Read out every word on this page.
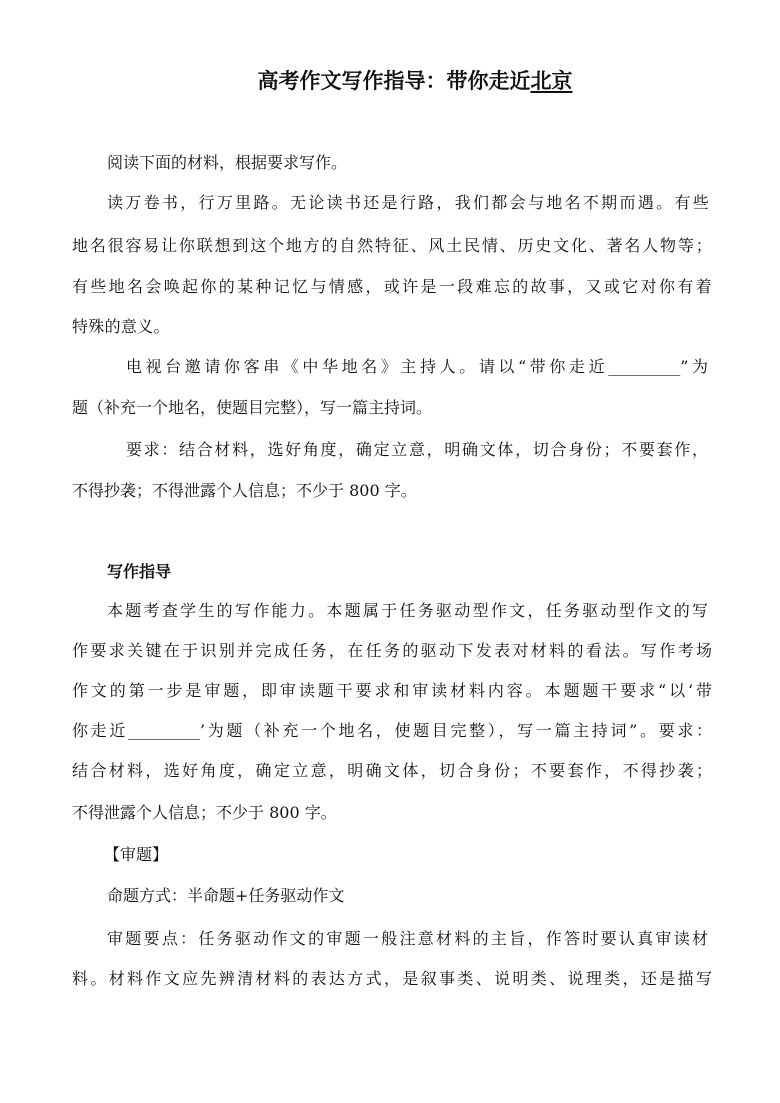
高考作文写作指导：带你走近北京
阅读下面的材料，根据要求写作。
读万卷书，行万里路。无论读书还是行路，我们都会与地名不期而遇。有些
地名很容易让你联想到这个地方的自然特征、风土民情、历史文化、著名人物等；
有些地名会唤起你的某种记忆与情感，或许是一段难忘的故事，又或它对你有着
特殊的意义。
电视台邀请你客串《中华地名》主持人。请以“带你走近_________”为
题（补充一个地名，使题目完整），写一篇主持词。
要求：结合材料，选好角度，确定立意，明确文体，切合身份；不要套作，
不得抄袭；不得泄露个人信息；不少于 800 字。
写作指导
本题考查学生的写作能力。本题属于任务驱动型作文，任务驱动型作文的写
作要求关键在于识别并完成任务，在任务的驱动下发表对材料的看法。写作考场
作文的第一步是审题，即审读题干要求和审读材料内容。本题题干要求“以‘带
你走近_________’为题（补充一个地名，使题目完整），写一篇主持词”。要求：
结合材料，选好角度，确定立意，明确文体，切合身份；不要套作，不得抄袭；
不得泄露个人信息；不少于 800 字。
【审题】
命题方式：半命题+任务驱动作文
审题要点：任务驱动作文的审题一般注意材料的主旨，作答时要认真审读材
料。材料作文应先辨清材料的表达方式，是叙事类、说明类、说理类，还是描写
